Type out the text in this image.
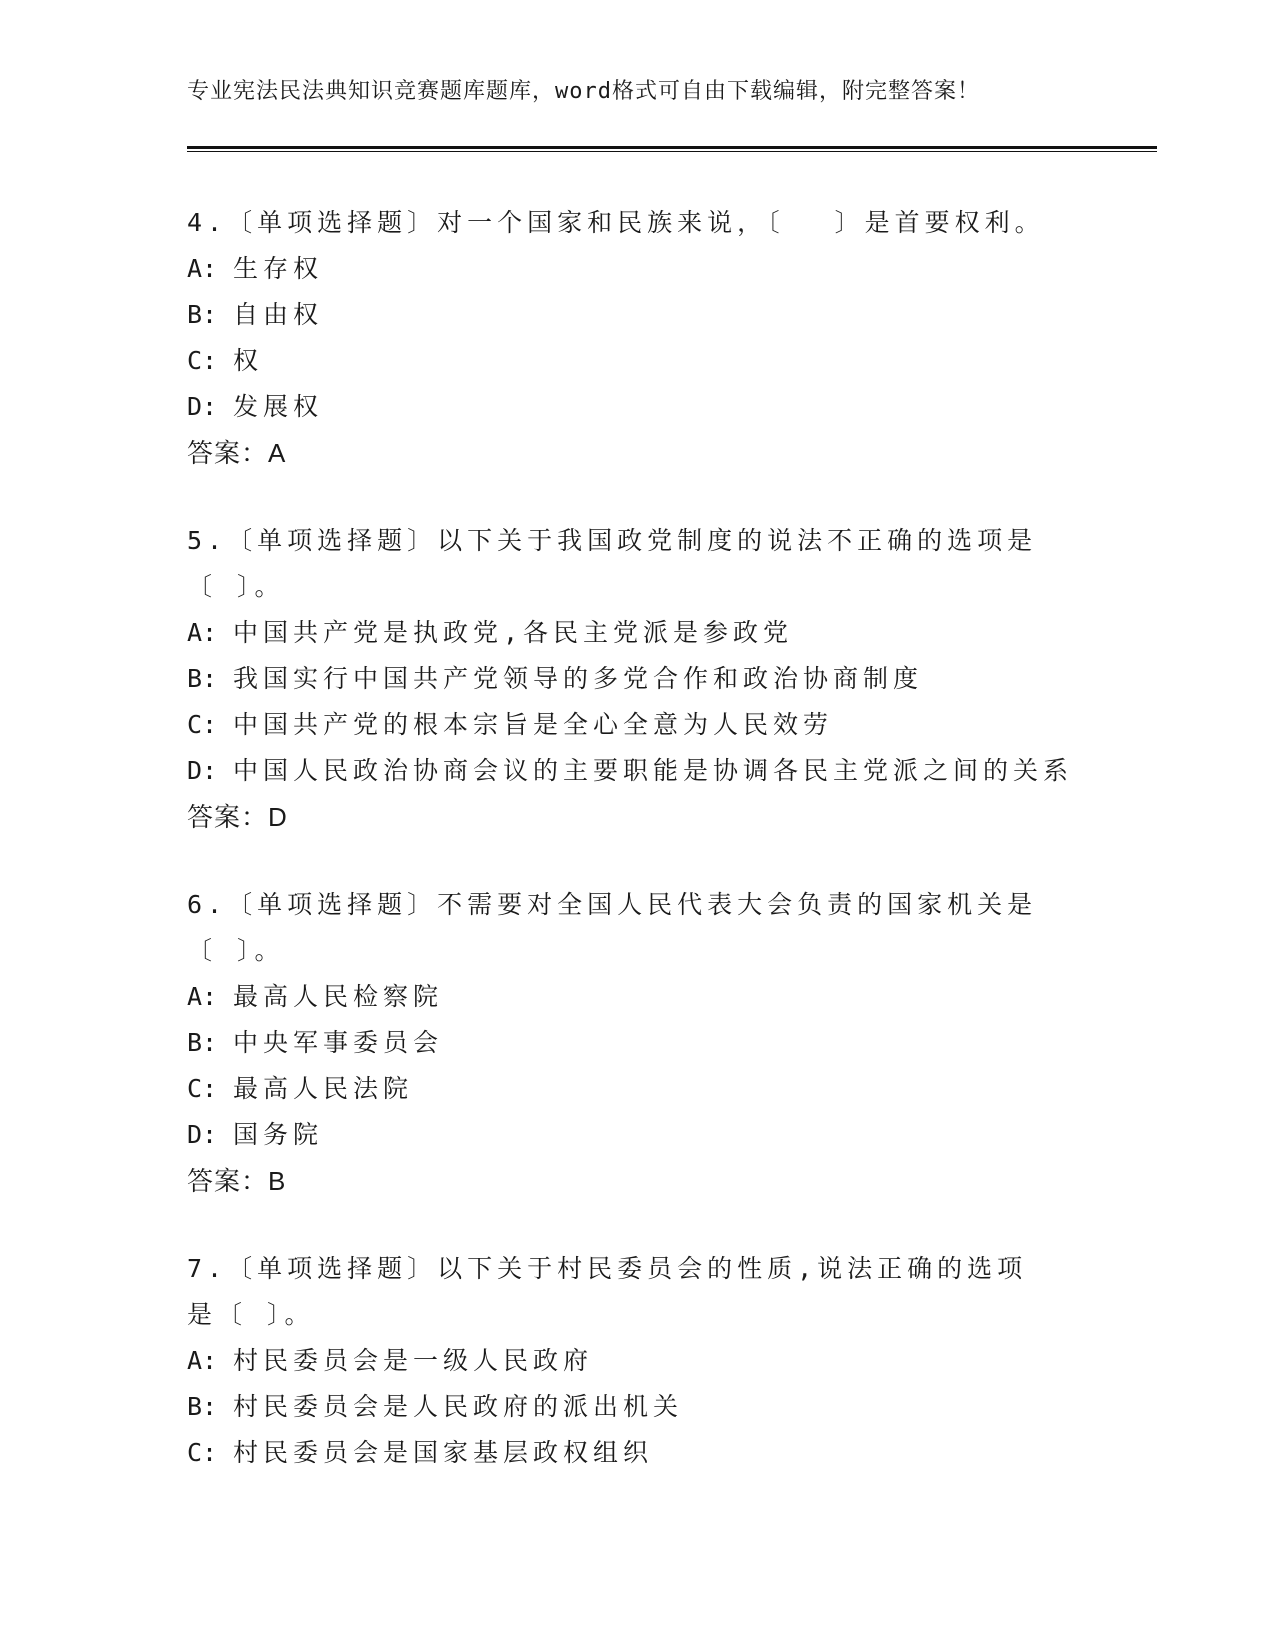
专业宪法民法典知识竞赛题库题库，word格式可自由下载编辑，附完整答案！
4.〔单项选择题〕对一个国家和民族来说，〔　 〕是首要权利。
A: 生存权
B: 自由权
C: 权
D: 发展权
答案：A
5.〔单项选择题〕以下关于我国政党制度的说法不正确的选项是〔 〕。
A: 中国共产党是执政党,各民主党派是参政党
B: 我国实行中国共产党领导的多党合作和政治协商制度
C: 中国共产党的根本宗旨是全心全意为人民效劳
D: 中国人民政治协商会议的主要职能是协调各民主党派之间的关系
答案：D
6.〔单项选择题〕不需要对全国人民代表大会负责的国家机关是〔 〕。
A: 最高人民检察院
B: 中央军事委员会
C: 最高人民法院
D: 国务院
答案：B
7.〔单项选择题〕以下关于村民委员会的性质,说法正确的选项是〔 〕。
A: 村民委员会是一级人民政府
B: 村民委员会是人民政府的派出机关
C: 村民委员会是国家基层政权组织
